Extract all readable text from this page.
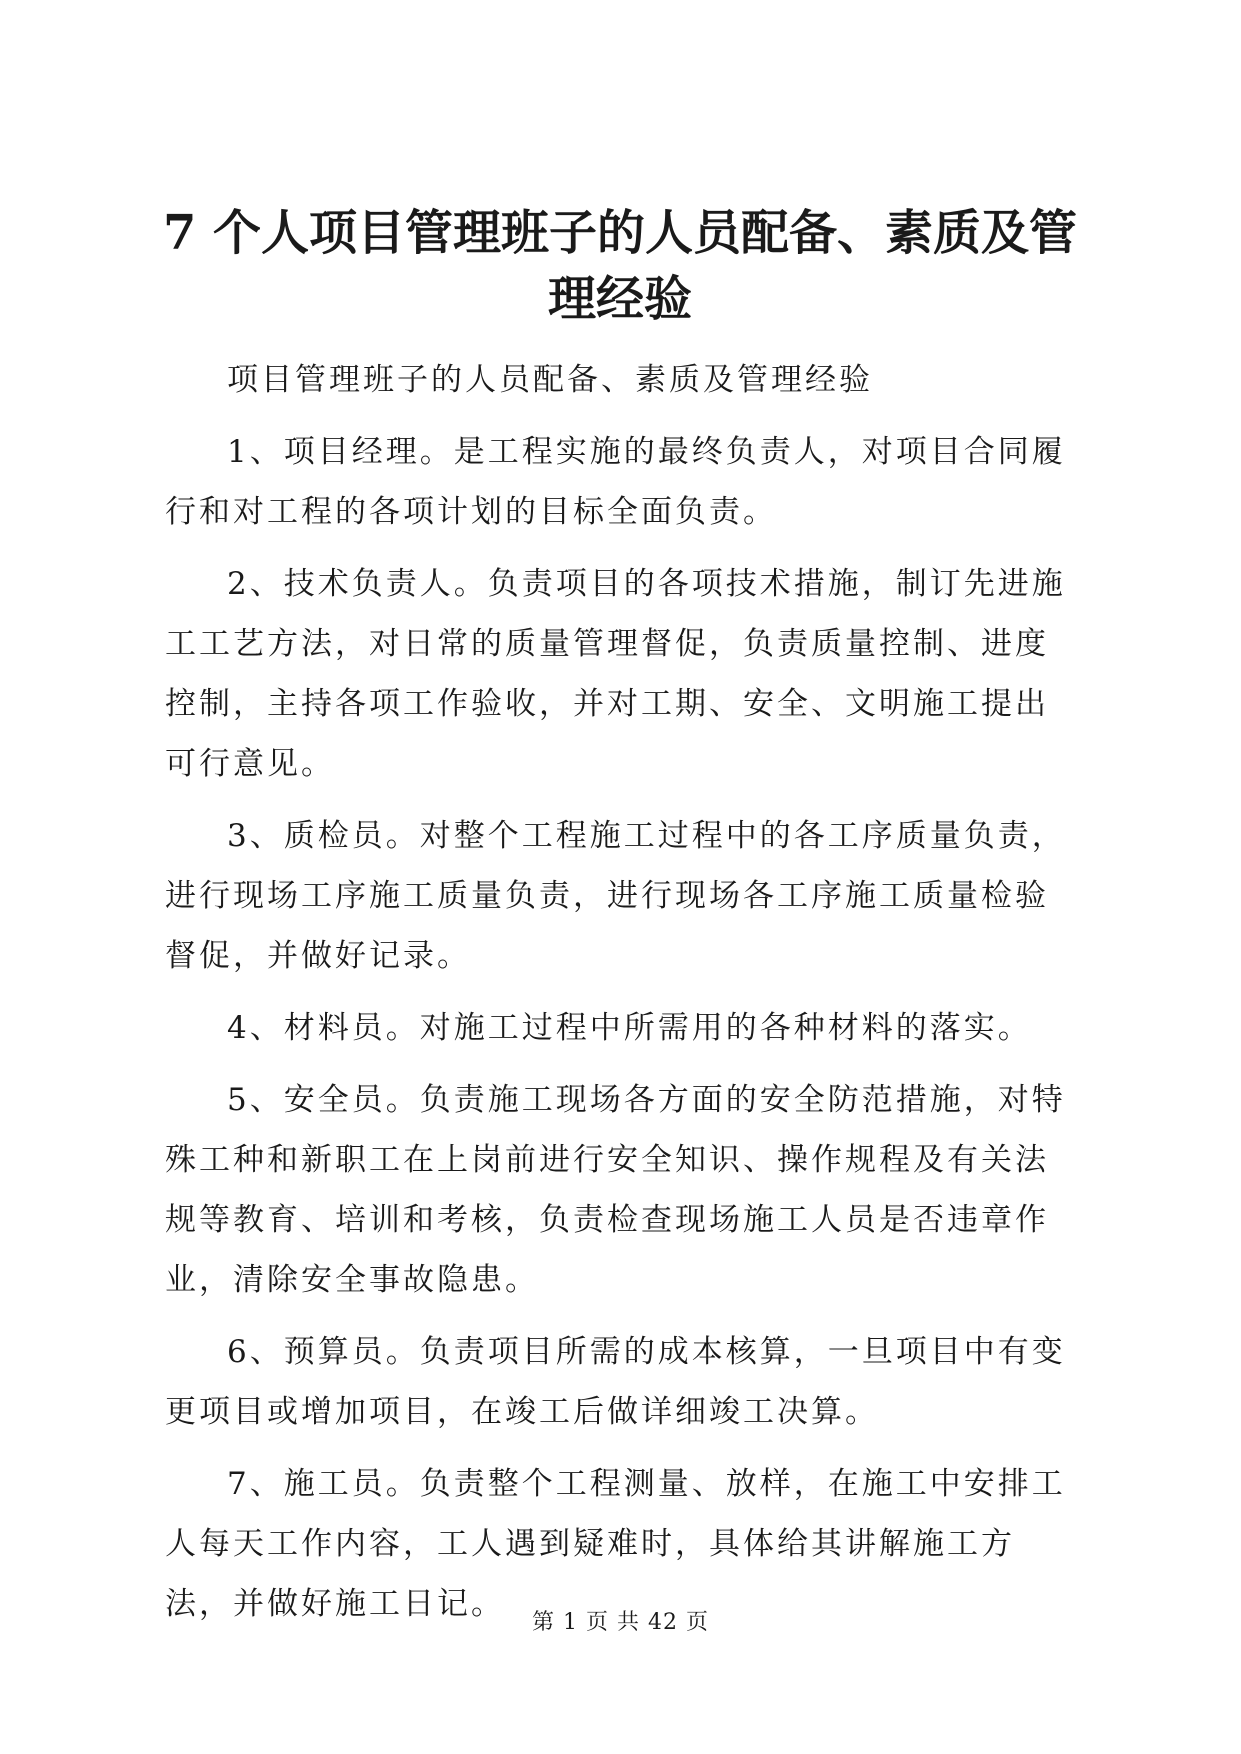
7 个人项目管理班子的人员配备、素质及管理经验

项目管理班子的人员配备、素质及管理经验

1、项目经理。是工程实施的最终负责人，对项目合同履行和对工程的各项计划的目标全面负责。

2、技术负责人。负责项目的各项技术措施，制订先进施工工艺方法，对日常的质量管理督促，负责质量控制、进度控制，主持各项工作验收，并对工期、安全、文明施工提出可行意见。

3、质检员。对整个工程施工过程中的各工序质量负责，进行现场工序施工质量负责，进行现场各工序施工质量检验督促，并做好记录。

4、材料员。对施工过程中所需用的各种材料的落实。

5、安全员。负责施工现场各方面的安全防范措施，对特殊工种和新职工在上岗前进行安全知识、操作规程及有关法规等教育、培训和考核，负责检查现场施工人员是否违章作业，清除安全事故隐患。

6、预算员。负责项目所需的成本核算，一旦项目中有变更项目或增加项目，在竣工后做详细竣工决算。

7、施工员。负责整个工程测量、放样，在施工中安排工人每天工作内容，工人遇到疑难时，具体给其讲解施工方法，并做好施工日记。

第 1 页 共 42 页
